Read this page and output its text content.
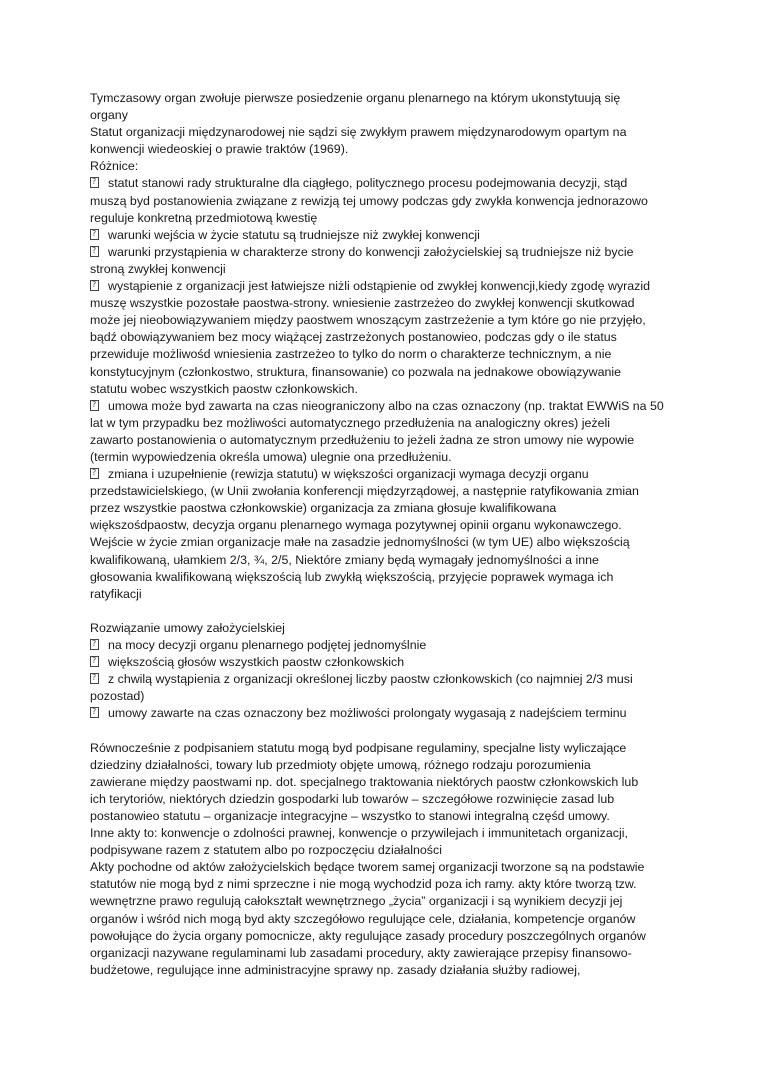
Tymczasowy organ zwołuje pierwsze posiedzenie organu plenarnego na którym ukonstytuują się
organy
Statut organizacji międzynarodowej nie sądzi się zwykłym prawem międzynarodowym opartym na
konwencji wiedeoskiej o prawie traktów (1969).
Różnice:
?statut stanowi rady strukturalne dla ciągłego, politycznego procesu podejmowania decyzji, stąd
muszą byd postanowienia związane z rewizją tej umowy podczas gdy zwykła konwencja jednorazowo
reguluje konkretną przedmiotową kwestię
?warunki wejścia w życie statutu są trudniejsze niż zwykłej konwencji
?warunki przystąpienia w charakterze strony do konwencji założycielskiej są trudniejsze niż bycie
stroną zwykłej konwencji
?wystąpienie z organizacji jest łatwiejsze niżli odstąpienie od zwykłej konwencji,kiedy zgodę wyrazid
muszę wszystkie pozostałe paostwa-strony. wniesienie zastrzeżeo do zwykłej konwencji skutkowad
może jej nieobowiązywaniem między paostwem wnoszącym zastrzeżenie a tym które go nie przyjęło,
bądź obowiązywaniem bez mocy wiążącej zastrzeżonych postanowieo, podczas gdy o ile status
przewiduje możliwośd wniesienia zastrzeżeo to tylko do norm o charakterze technicznym, a nie
konstytucyjnym (członkostwo, struktura, finansowanie) co pozwala na jednakowe obowiązywanie
statutu wobec wszystkich paostw członkowskich.
?umowa może byd zawarta na czas nieograniczony albo na czas oznaczony (np. traktat EWWiS na 50
lat w tym przypadku bez możliwości automatycznego przedłużenia na analogiczny okres) jeżeli
zawarto postanowienia o automatycznym przedłużeniu to jeżeli żadna ze stron umowy nie wypowie
(termin wypowiedzenia określa umowa) ulegnie ona przedłużeniu.
?zmiana i uzupełnienie (rewizja statutu) w większości organizacji wymaga decyzji organu
przedstawicielskiego, (w Unii zwołania konferencji międzyrządowej, a następnie ratyfikowania zmian
przez wszystkie paostwa członkowskie) organizacja za zmiana głosuje kwalifikowana
większośdpaostw, decyzja organu plenarnego wymaga pozytywnej opinii organu wykonawczego.
Wejście w życie zmian organizacje małe na zasadzie jednomyślności (w tym UE) albo większością
kwalifikowaną, ułamkiem 2/3, ¾, 2/5, Niektóre zmiany będą wymagały jednomyślności a inne
głosowania kwalifikowaną większością lub zwykłą większością, przyjęcie poprawek wymaga ich
ratyfikacji
Rozwiązanie umowy założycielskiej
?na mocy decyzji organu plenarnego podjętej jednomyślnie
?większością głosów wszystkich paostw członkowskich
?z chwilą wystąpienia z organizacji określonej liczby paostw członkowskich (co najmniej 2/3 musi
pozostad)
?umowy zawarte na czas oznaczony bez możliwości prolongaty wygasają z nadejściem terminu
Równocześnie z podpisaniem statutu mogą byd podpisane regulaminy, specjalne listy wyliczające
dziedziny działalności, towary lub przedmioty objęte umową, różnego rodzaju porozumienia
zawierane między paostwami np. dot. specjalnego traktowania niektórych paostw członkowskich lub
ich terytoriów, niektórych dziedzin gospodarki lub towarów – szczegółowe rozwinięcie zasad lub
postanowieo statutu – organizacje integracyjne – wszystko to stanowi integralną częśd umowy.
Inne akty to: konwencje o zdolności prawnej, konwencje o przywilejach i immunitetach organizacji,
podpisywane razem z statutem albo po rozpoczęciu działalności
Akty pochodne od aktów założycielskich będące tworem samej organizacji tworzone są na podstawie
statutów nie mogą byd z nimi sprzeczne i nie mogą wychodzid poza ich ramy. akty które tworzą tzw.
wewnętrzne prawo regulują całokształt wewnętrznego „życia” organizacji i są wynikiem decyzji jej
organów i wśród nich mogą byd akty szczegółowo regulujące cele, działania, kompetencje organów
powołujące do życia organy pomocnicze, akty regulujące zasady procedury poszczególnych organów
organizacji nazywane regulaminami lub zasadami procedury, akty zawierające przepisy finansowo-
budżetowe, regulujące inne administracyjne sprawy np. zasady działania służby radiowej,
